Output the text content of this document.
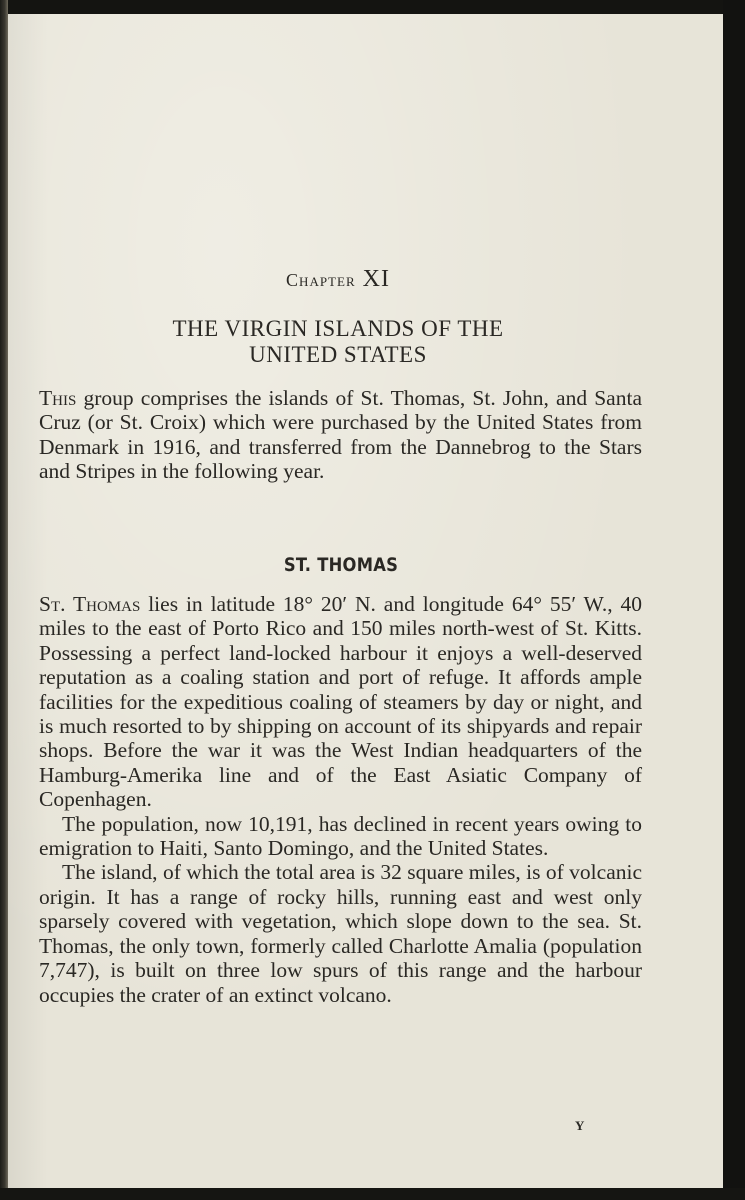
Chapter XI
THE VIRGIN ISLANDS OF THE
UNITED STATES

This group comprises the islands of St. Thomas, St. John, and Santa Cruz (or St. Croix) which were purchased by the United States from Denmark in 1916, and transferred from the Dannebrog to the Stars and Stripes in the following year.

ST. THOMAS

St. Thomas lies in latitude 18° 20′ N. and longitude 64° 55′ W., 40 miles to the east of Porto Rico and 150 miles north-west of St. Kitts. Possessing a perfect land-locked harbour it enjoys a well-deserved reputation as a coaling station and port of refuge. It affords ample facilities for the expeditious coaling of steamers by day or night, and is much resorted to by shipping on account of its shipyards and repair shops. Before the war it was the West Indian headquarters of the Hamburg-Amerika line and of the East Asiatic Company of Copenhagen.

The population, now 10,191, has declined in recent years owing to emigration to Haiti, Santo Domingo, and the United States.

The island, of which the total area is 32 square miles, is of volcanic origin. It has a range of rocky hills, running east and west only sparsely covered with vegetation, which slope down to the sea. St. Thomas, the only town, formerly called Charlotte Amalia (population 7,747), is built on three low spurs of this range and the harbour occupies the crater of an extinct volcano.

Y
